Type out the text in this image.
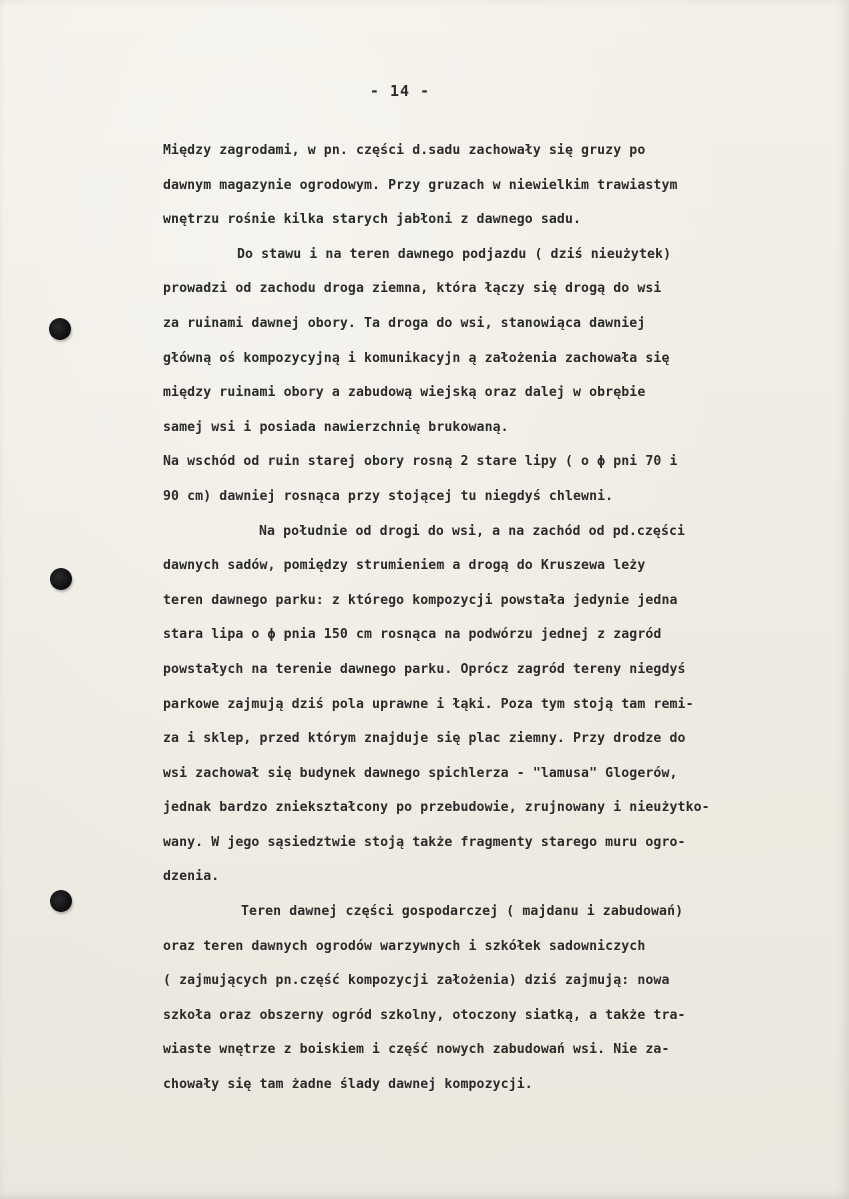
- 14 -
Między zagrodami, w pn. części d.sadu zachowały się gruzy po
dawnym magazynie ogrodowym. Przy gruzach w niewielkim trawiastym
wnętrzu rośnie kilka starych jabłoni z dawnego sadu.
Do stawu i na teren dawnego podjazdu ( dziś nieużytek)
prowadzi od zachodu droga ziemna, która łączy się drogą do wsi
za ruinami dawnej obory. Ta droga do wsi, stanowiąca dawniej
główną oś kompozycyjną i komunikacyjn ą założenia zachowała się
między ruinami obory a zabudową wiejską oraz dalej w obrębie
samej wsi i posiada nawierzchnię brukowaną.
Na wschód od ruin starej obory rosną 2 stare lipy ( o ϕ pni 70 i
90 cm) dawniej rosnąca przy stojącej tu niegdyś chlewni.
Na południe od drogi do wsi, a na zachód od pd.części
dawnych sadów, pomiędzy strumieniem a drogą do Kruszewa leży
teren dawnego parku: z którego kompozycji powstała jedynie jedna
stara lipa o ϕ pnia 150 cm rosnąca na podwórzu jednej z zagród
powstałych na terenie dawnego parku. Oprócz zagród tereny niegdyś
parkowe zajmują dziś pola uprawne i łąki. Poza tym stoją tam remi-
za i sklep, przed którym znajduje się plac ziemny. Przy drodze do
wsi zachował się budynek dawnego spichlerza - "lamusa" Glogerów,
jednak bardzo zniekształcony po przebudowie, zrujnowany i nieużytko-
wany. W jego sąsiedztwie stoją także fragmenty starego muru ogro-
dzenia.
Teren dawnej części gospodarczej ( majdanu i zabudowań)
oraz teren dawnych ogrodów warzywnych i szkółek sadowniczych
( zajmujących pn.część kompozycji założenia) dziś zajmują: nowa
szkoła oraz obszerny ogród szkolny, otoczony siatką, a także tra-
wiaste wnętrze z boiskiem i część nowych zabudowań wsi. Nie za-
chowały się tam żadne ślady dawnej kompozycji.
